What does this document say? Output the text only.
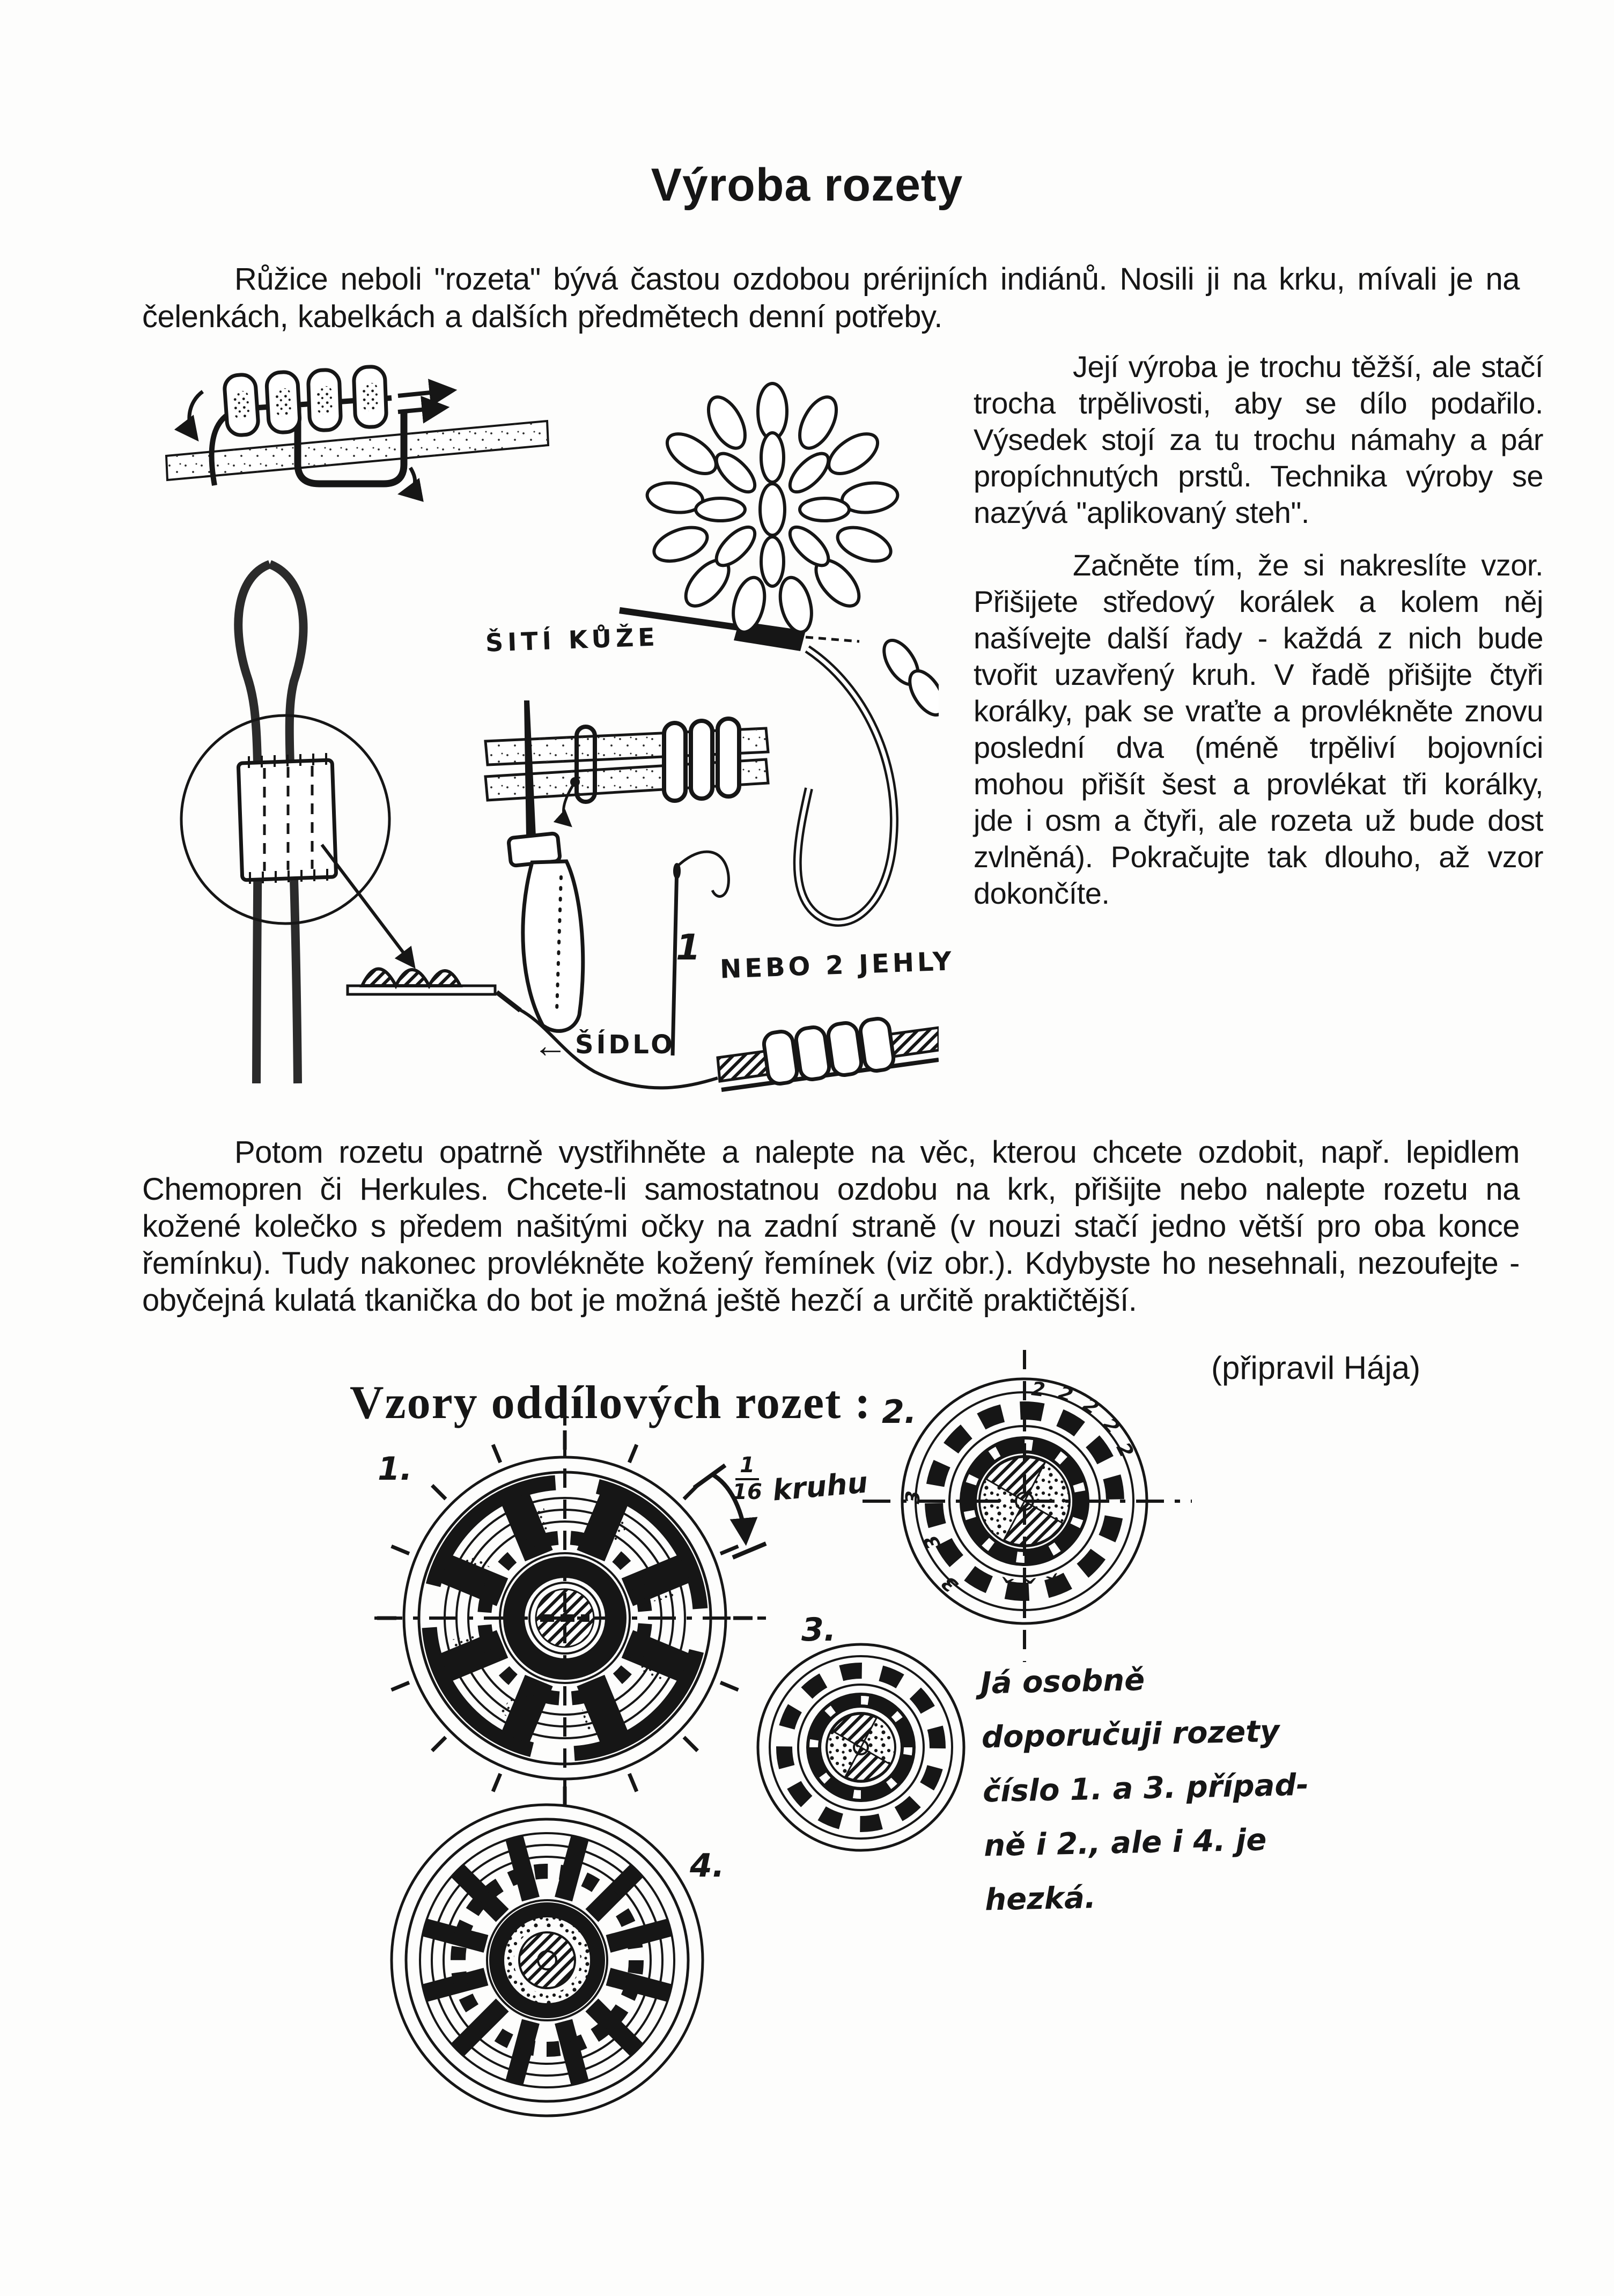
Výroba rozety

Růžice neboli "rozeta" bývá častou ozdobou prérijních indiánů. Nosili ji na krku, mívali je na čelenkách, kabelkách a dalších předmětech denní potřeby.

ŠITÍ KŮŽE
1 NEBO 2 JEHLY
← ŠÍDLO

Její výroba je trochu těžší, ale stačí trocha trpělivosti, aby se dílo podařilo. Výsedek stojí za tu trochu námahy a pár propíchnutých prstů. Technika výroby se nazývá "aplikovaný steh".

Začněte tím, že si nakreslíte vzor. Přišijete středový korálek a kolem něj našívejte další řady - každá z nich bude tvořit uzavřený kruh. V řadě přišijte čtyři korálky, pak se vraťte a provlékněte znovu poslední dva (méně trpěliví bojovníci mohou přišít šest a provlékat tři korálky, jde i osm a čtyři, ale rozeta už bude dost zvlněná). Pokračujte tak dlouho, až vzor dokončíte.

Potom rozetu opatrně vystřihněte a nalepte na věc, kterou chcete ozdobit, např. lepidlem Chemopren či Herkules. Chcete-li samostatnou ozdobu na krk, přišijte nebo nalepte rozetu na kožené kolečko s předem našitými očky na zadní straně (v nouzi stačí jedno větší pro oba konce řemínku). Tudy nakonec provlékněte kožený řemínek (viz obr.). Kdybyste ho nesehnali, nezoufejte - obyčejná kulatá tkanička do bot je možná ještě hezčí a určitě praktičtější.

Vzory oddílových rozet :
(připravil Hája)
2 2 2
2
2
3
3
^
^
^
3
1.
2.
3.
4.
$\frac{1}{16}$ kruhu
Já osobně
doporučuji rozety
číslo 1. a 3. případ-
ně i 2., ale i 4. je
hezká.
